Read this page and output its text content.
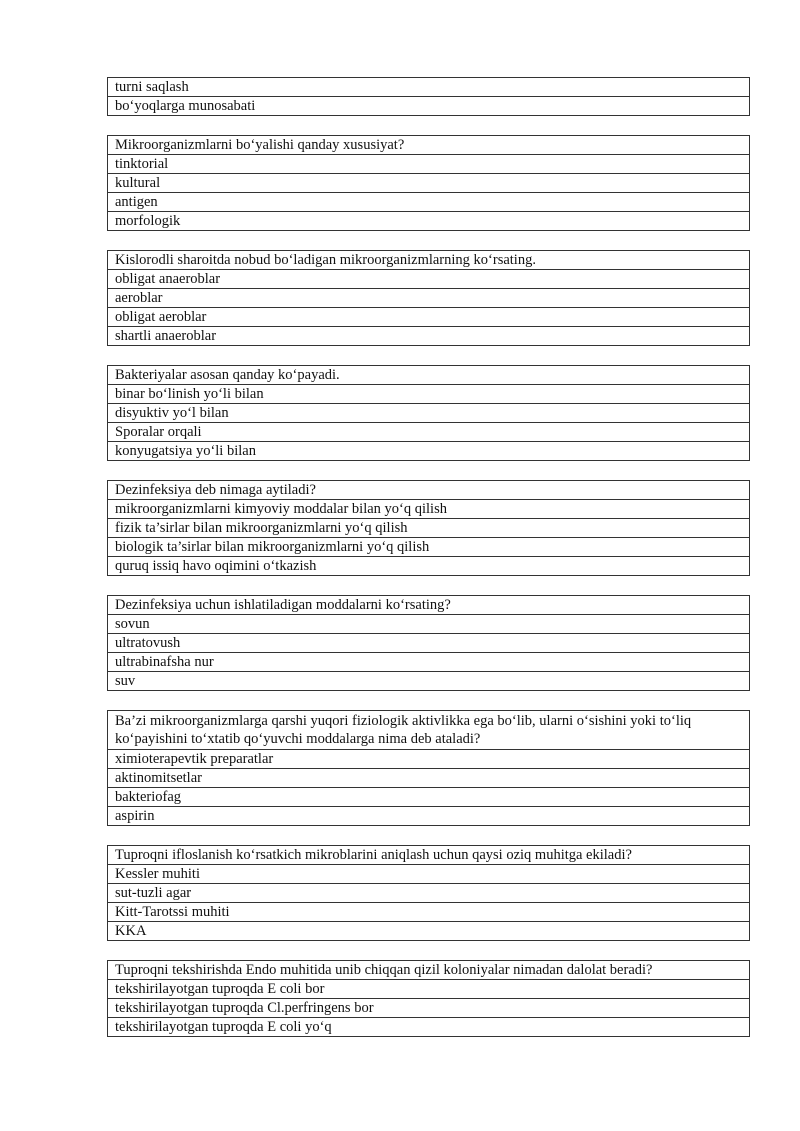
turni saqlash
bo‘yoqlarga munosabati
Mikroorganizmlarni bo‘yalishi qanday xususiyat?
tinktorial
kultural
antigen
morfologik
Kislorodli sharoitda nobud bo‘ladigan mikroorganizmlarning ko‘rsating.
obligat anaeroblar
aeroblar
obligat aeroblar
shartli anaeroblar
Bakteriyalar asosan qanday ko‘payadi.
binar bo‘linish yo‘li bilan
disyuktiv yo‘l bilan
Sporalar orqali
konyugatsiya yo‘li bilan
Dezinfeksiya deb nimaga aytiladi?
mikroorganizmlarni kimyoviy moddalar bilan yo‘q qilish
fizik ta’sirlar bilan mikroorganizmlarni yo‘q qilish
biologik ta’sirlar bilan mikroorganizmlarni yo‘q qilish
quruq issiq havo oqimini o‘tkazish
Dezinfeksiya uchun ishlatiladigan moddalarni ko‘rsating?
sovun
ultratovush
ultrabinafsha nur
suv
Ba’zi mikroorganizmlarga qarshi yuqori fiziologik aktivlikka ega bo‘lib, ularni o‘sishini yoki to‘liq ko‘payishini to‘xtatib qo‘yuvchi moddalarga nima deb ataladi?
ximioterapevtik preparatlar
aktinomitsetlar
bakteriofag
aspirin
Tuproqni ifloslanish ko‘rsatkich mikroblarini aniqlash uchun qaysi oziq muhitga ekiladi?
Kessler muhiti
sut-tuzli agar
Kitt-Tarotssi muhiti
KKA
Tuproqni tekshirishda Endo muhitida unib chiqqan qizil koloniyalar nimadan dalolat beradi?
tekshirilayotgan tuproqda E coli bor
tekshirilayotgan tuproqda Cl.perfringens bor
tekshirilayotgan tuproqda E coli yo‘q
